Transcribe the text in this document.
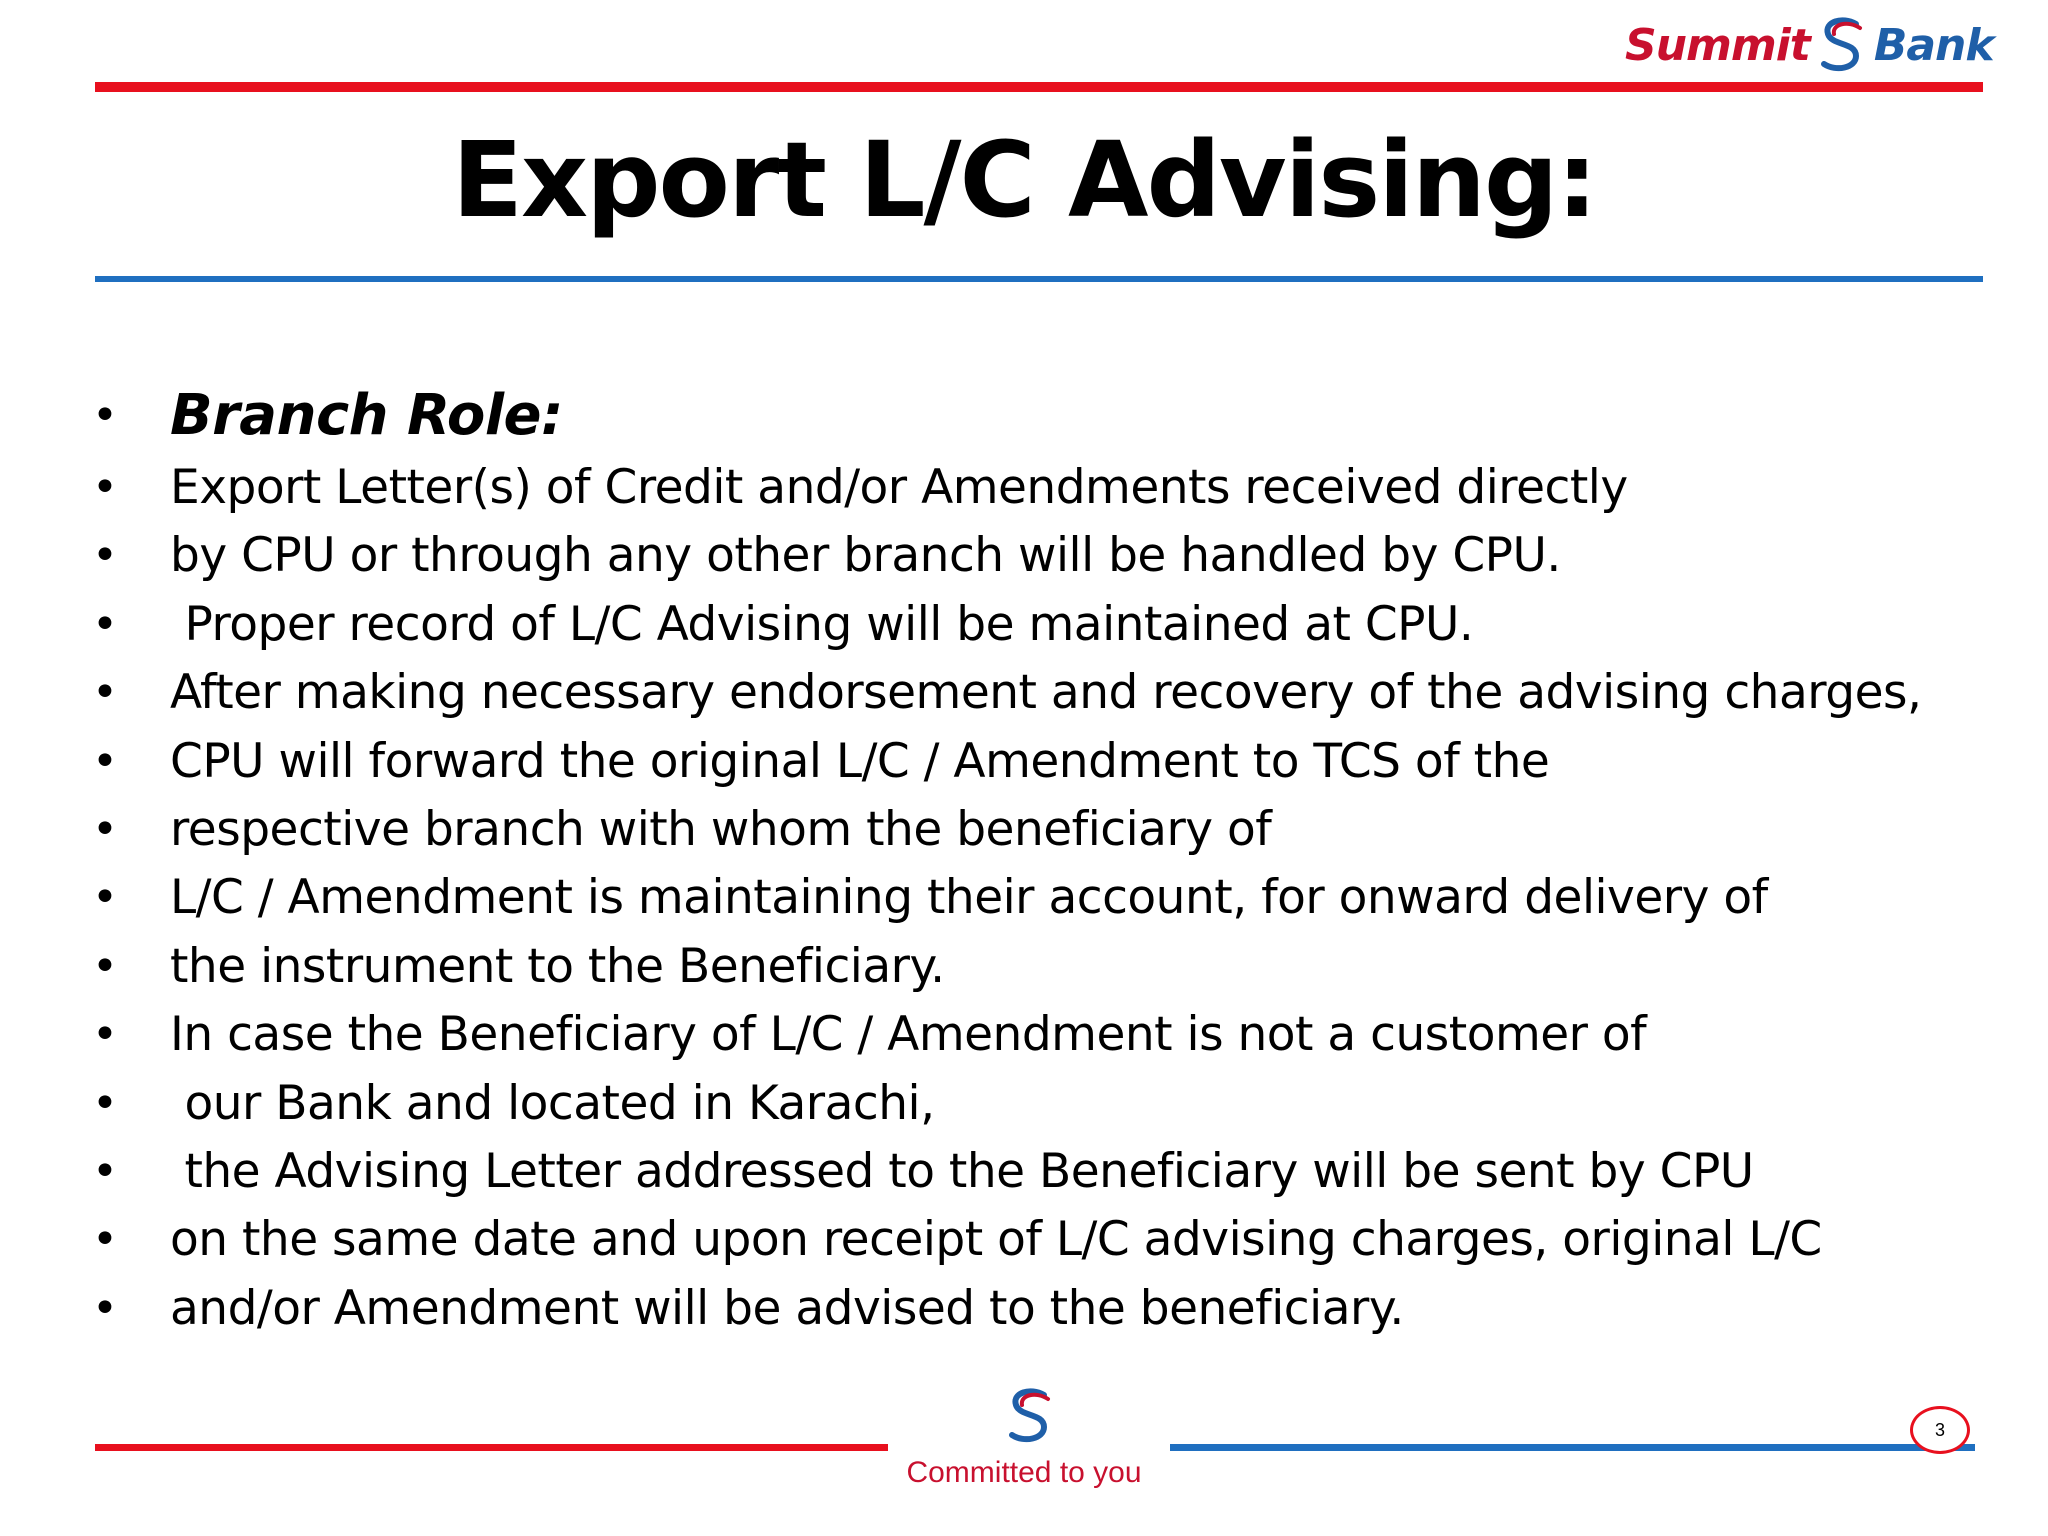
Summit Bank
Export L/C Advising:
• Branch Role:
• Export Letter(s) of Credit and/or Amendments received directly
• by CPU or through any other branch will be handled by CPU.
• Proper record of L/C Advising will be maintained at CPU.
• After making necessary endorsement and recovery of the advising charges,
• CPU will forward the original L/C / Amendment to TCS of the
• respective branch with whom the beneficiary of
• L/C / Amendment is maintaining their account, for onward delivery of
• the instrument to the Beneficiary.
• In case the Beneficiary of L/C / Amendment is not a customer of
• our Bank and located in Karachi,
• the Advising Letter addressed to the Beneficiary will be sent by CPU
• on the same date and upon receipt of L/C advising charges, original L/C
• and/or Amendment will be advised to the beneficiary.
Committed to you
3
